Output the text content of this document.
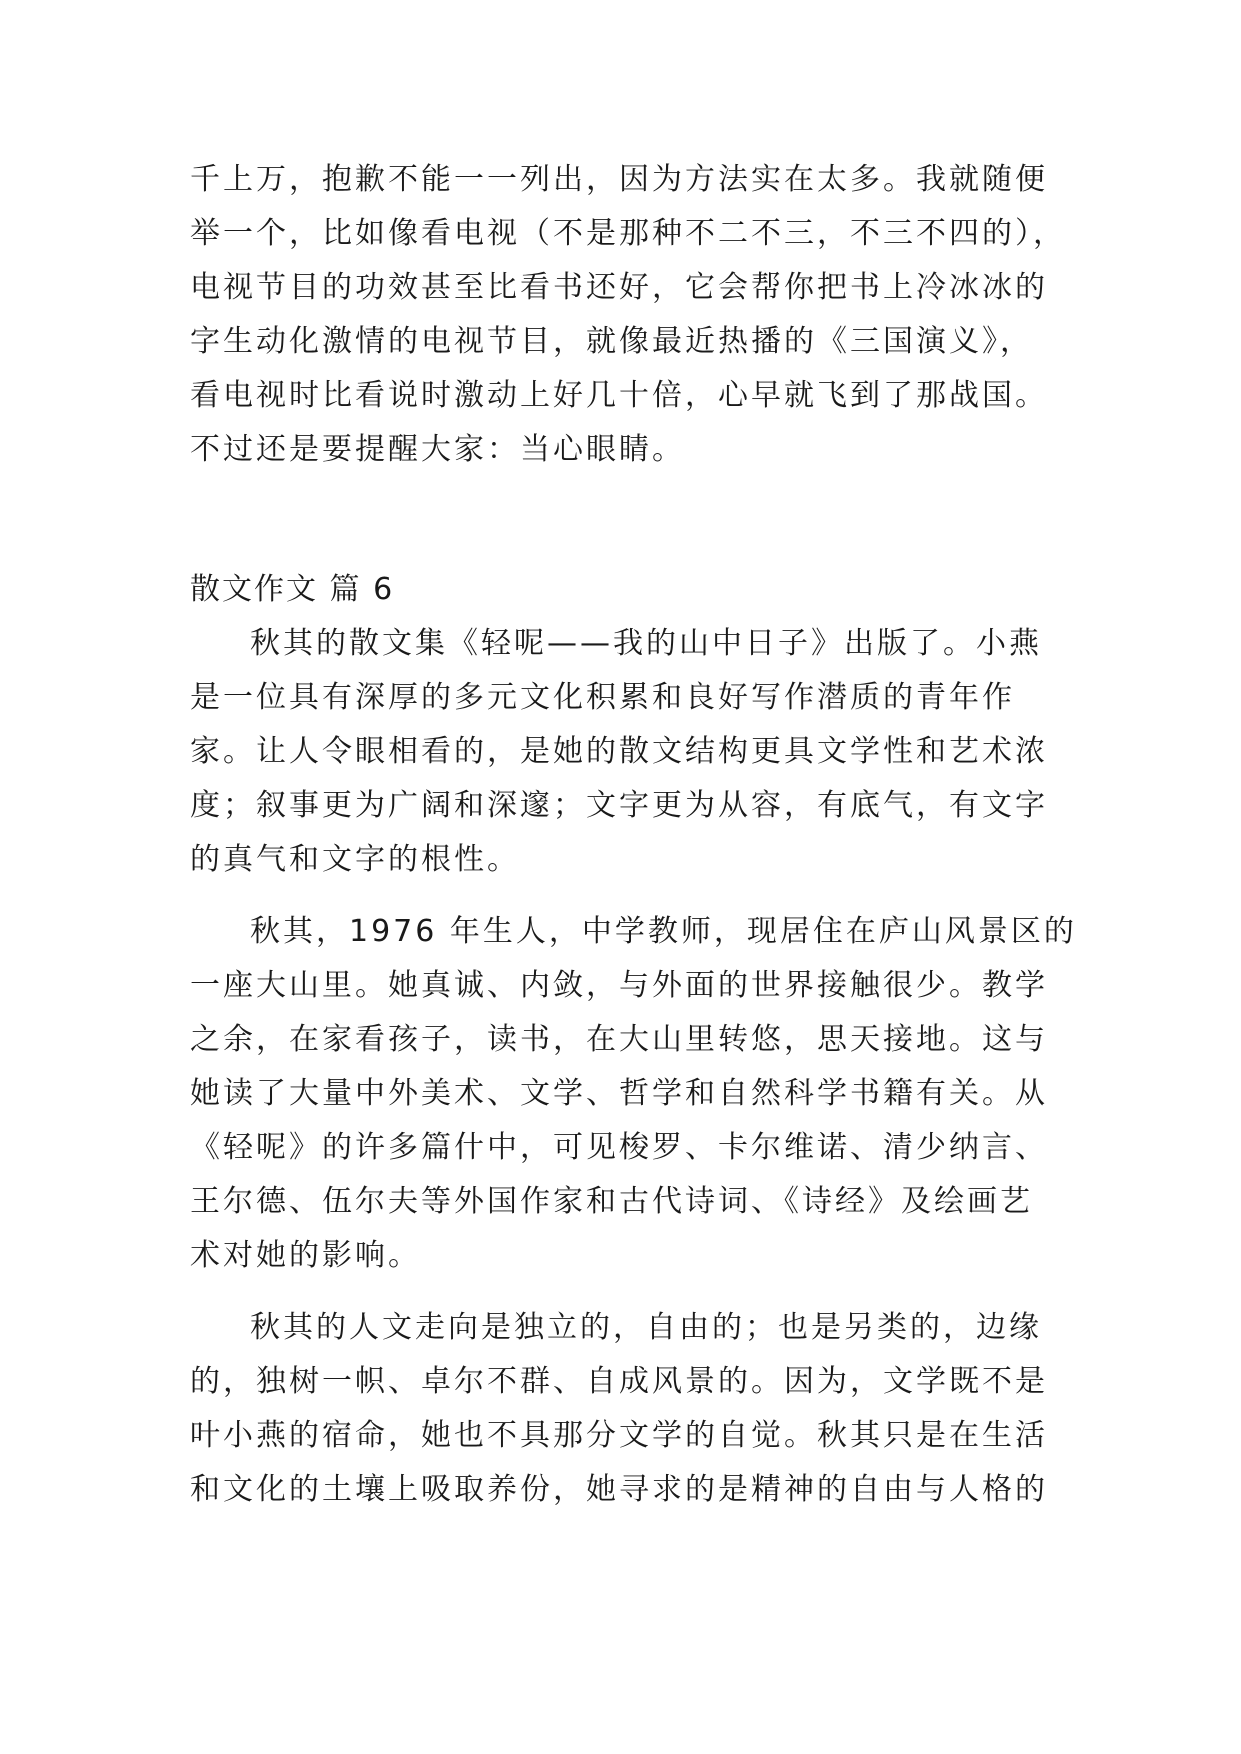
千上万，抱歉不能一一列出，因为方法实在太多。我就随便
举一个，比如像看电视（不是那种不二不三，不三不四的），
电视节目的功效甚至比看书还好，它会帮你把书上冷冰冰的
字生动化激情的电视节目，就像最近热播的《三国演义》，
看电视时比看说时激动上好几十倍，心早就飞到了那战国。
不过还是要提醒大家：当心眼睛。
散文作文 篇 6
秋其的散文集《轻呢——我的山中日子》出版了。小燕
是一位具有深厚的多元文化积累和良好写作潜质的青年作
家。让人令眼相看的，是她的散文结构更具文学性和艺术浓
度；叙事更为广阔和深邃；文字更为从容，有底气，有文字
的真气和文字的根性。
秋其，1976 年生人，中学教师，现居住在庐山风景区的
一座大山里。她真诚、内敛，与外面的世界接触很少。教学
之余，在家看孩子，读书，在大山里转悠，思天接地。这与
她读了大量中外美术、文学、哲学和自然科学书籍有关。从
《轻呢》的许多篇什中，可见梭罗、卡尔维诺、清少纳言、
王尔德、伍尔夫等外国作家和古代诗词、《诗经》及绘画艺
术对她的影响。
秋其的人文走向是独立的，自由的；也是另类的，边缘
的，独树一帜、卓尔不群、自成风景的。因为，文学既不是
叶小燕的宿命，她也不具那分文学的自觉。秋其只是在生活
和文化的土壤上吸取养份，她寻求的是精神的自由与人格的
